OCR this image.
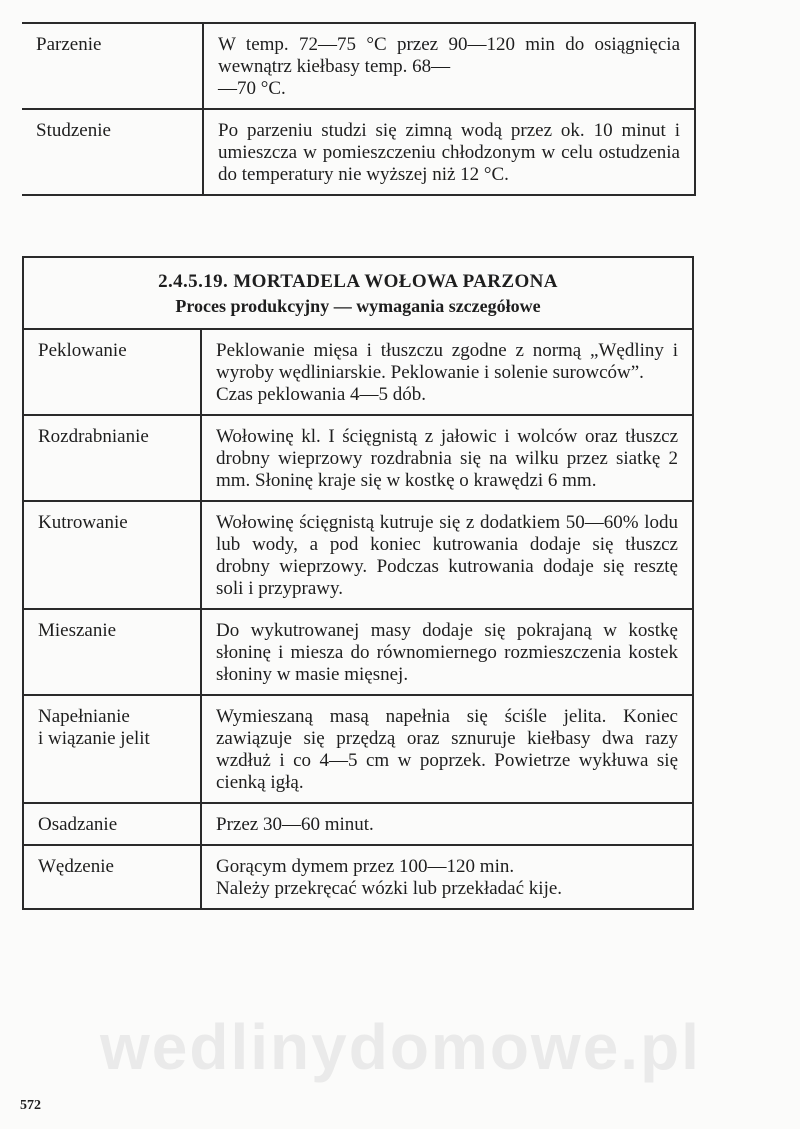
Parzenie	W temp. 72—75 °C przez 90—120 min do osiągnięcia wewnątrz kiełbasy temp. 68—
—70 °C.
Studzenie	Po parzeniu studzi się zimną wodą przez ok. 10 minut i umieszcza w pomieszczeniu chłodzonym w celu ostudzenia do temperatury nie wyższej niż 12 °C.
2.4.5.19. MORTADELA WOŁOWA PARZONA
Proces produkcyjny — wymagania szczegółowe	

Peklowanie	Peklowanie mięsa i tłuszczu zgodne z normą „Wędliny i wyroby wędliniarskie. Peklowanie i solenie surowców”.
Czas peklowania 4—5 dób.
Rozdrabnianie	Wołowinę kl. I ścięgnistą z jałowic i wolców oraz tłuszcz drobny wieprzowy rozdrabnia się na wilku przez siatkę 2 mm. Słoninę kraje się w kostkę o krawędzi 6 mm.
Kutrowanie	Wołowinę ścięgnistą kutruje się z dodatkiem 50—60% lodu lub wody, a pod koniec kutrowania dodaje się tłuszcz drobny wieprzowy. Podczas kutrowania dodaje się resztę soli i przyprawy.
Mieszanie	Do wykutrowanej masy dodaje się pokrajaną w kostkę słoninę i miesza do równomiernego rozmieszczenia kostek słoniny w masie mięsnej.
Napełnianie
i wiązanie jelit	Wymieszaną masą napełnia się ściśle jelita. Koniec zawiązuje się przędzą oraz sznuruje kiełbasy dwa razy wzdłuż i co 4—5 cm w poprzek. Powietrze wykłuwa się cienką igłą.
Osadzanie	Przez 30—60 minut.
Wędzenie	Gorącym dymem przez 100—120 min.
Należy przekręcać wózki lub przekładać kije.
wedlinydomowe.pl
572
